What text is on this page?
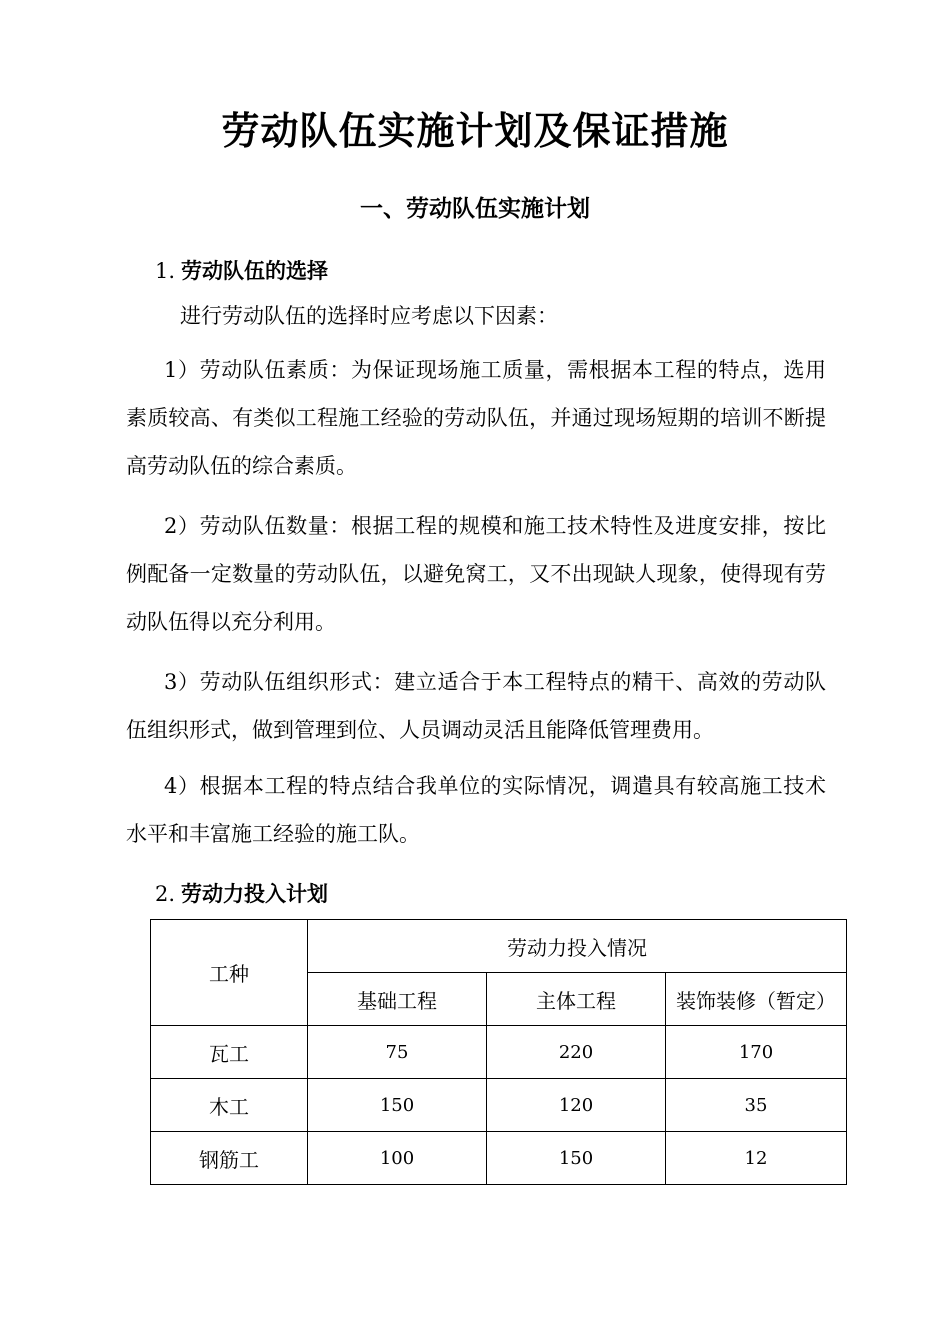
劳动队伍实施计划及保证措施
一、劳动队伍实施计划
1. 劳动队伍的选择
进行劳动队伍的选择时应考虑以下因素：
1）劳动队伍素质：为保证现场施工质量，需根据本工程的特点，选用素质较高、有类似工程施工经验的劳动队伍，并通过现场短期的培训不断提高劳动队伍的综合素质。
2）劳动队伍数量：根据工程的规模和施工技术特性及进度安排，按比例配备一定数量的劳动队伍，以避免窝工，又不出现缺人现象，使得现有劳动队伍得以充分利用。
3）劳动队伍组织形式：建立适合于本工程特点的精干、高效的劳动队伍组织形式，做到管理到位、人员调动灵活且能降低管理费用。
4）根据本工程的特点结合我单位的实际情况，调遣具有较高施工技术水平和丰富施工经验的施工队。
2. 劳动力投入计划
工种	劳动力投入情况		
	基础工程	主体工程	装饰装修（暂定）
瓦工	75	220	170
木工	150	120	35
钢筋工	100	150	12
